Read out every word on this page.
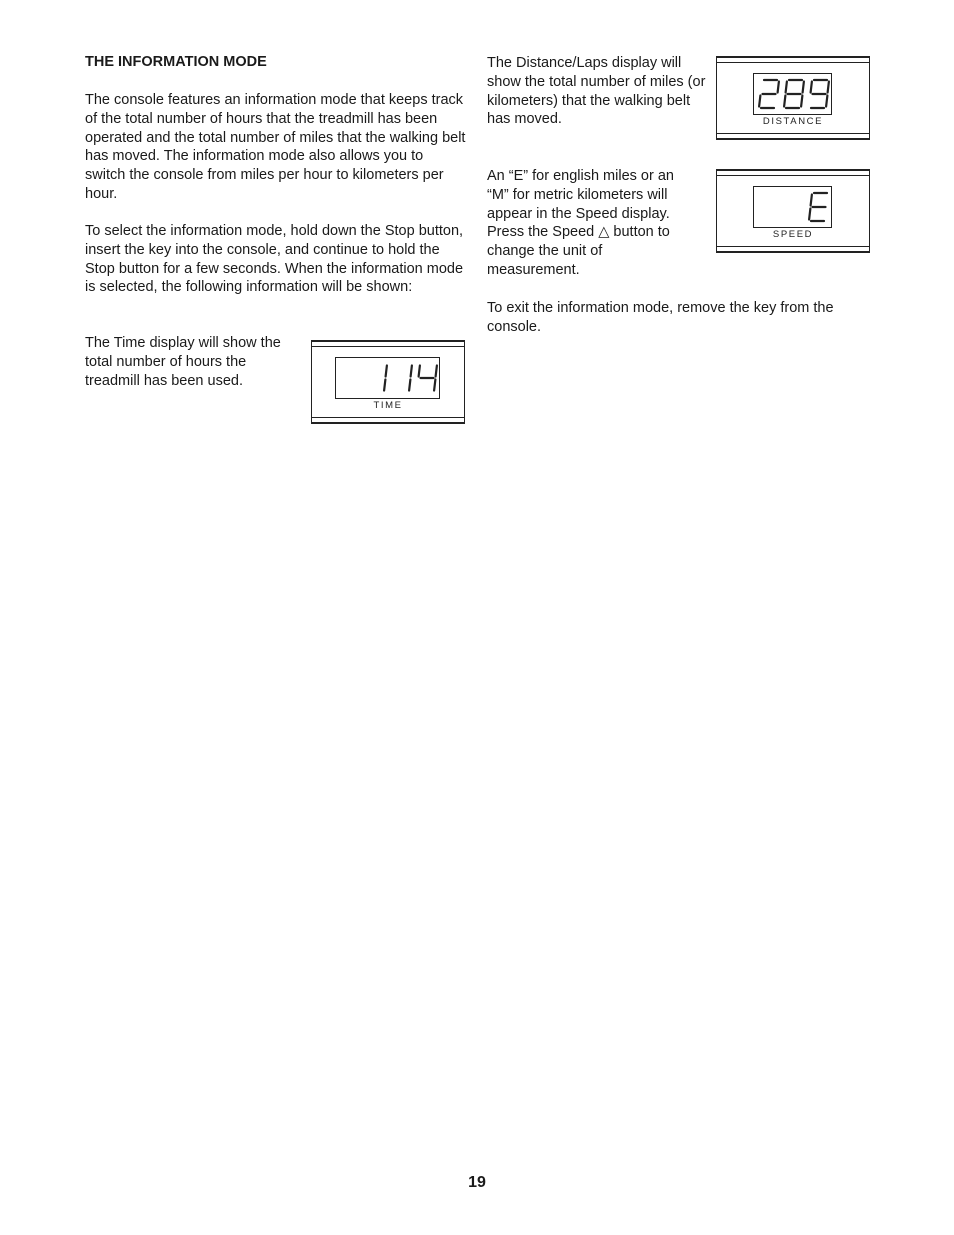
THE INFORMATION MODE

The console features an information mode that keeps track of the total number of hours that the treadmill has been operated and the total number of miles that the walking belt has moved. The information mode also allows you to switch the console from miles per hour to kilometers per hour.

To select the information mode, hold down the Stop button, insert the key into the console, and continue to hold the Stop button for a few seconds. When the information mode is selected, the following information will be shown:

The Time display will show the total number of hours the treadmill has been used.

The Distance/Laps display will show the total number of miles (or kilometers) that the walking belt has moved.

An “E” for english miles or an “M” for metric kilometers will appear in the Speed display. Press the Speed △ button to change the unit of measurement.

To exit the information mode, remove the key from the console.

TIME
DISTANCE
SPEED
19
